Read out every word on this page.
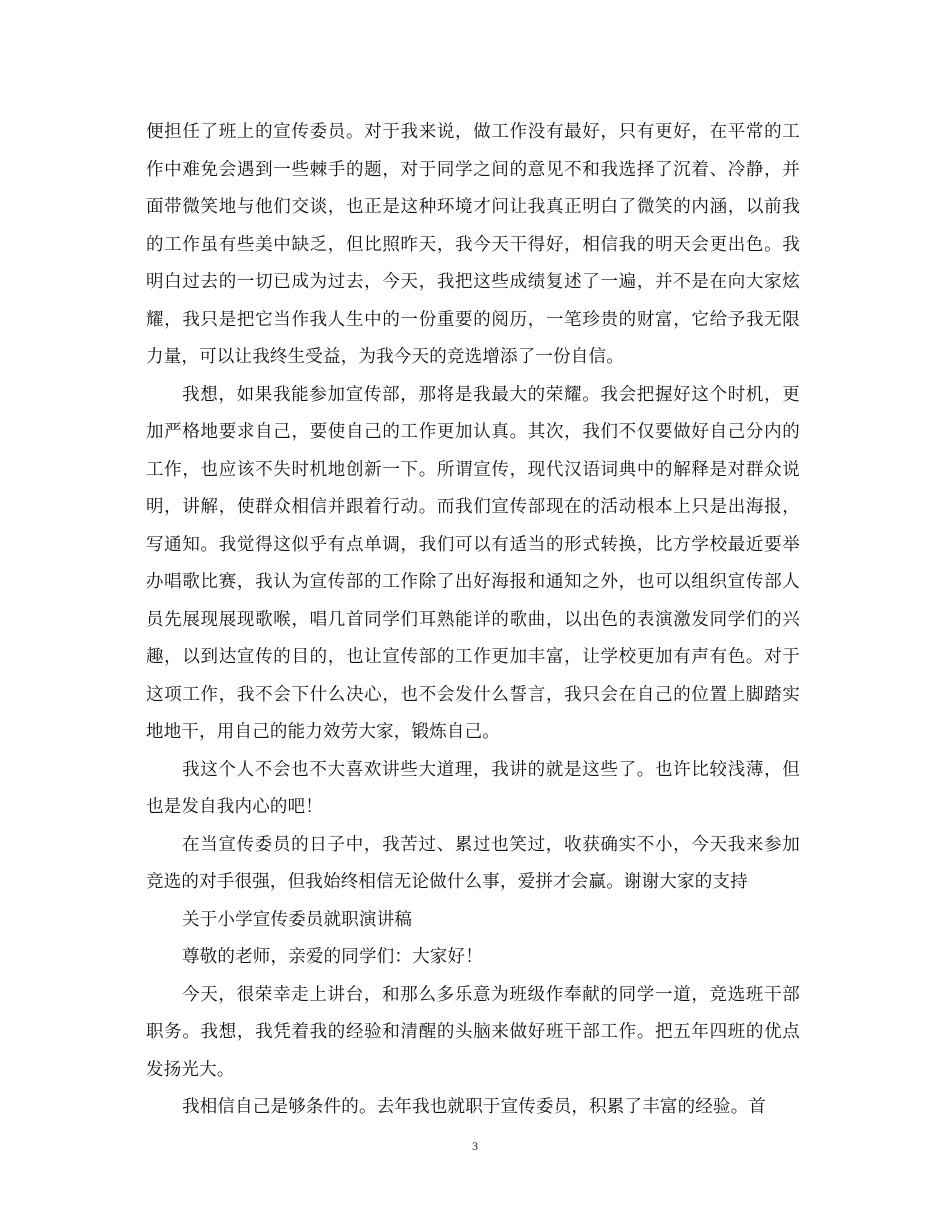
便担任了班上的宣传委员。对于我来说，做工作没有最好，只有更好，在平常的工作中难免会遇到一些棘手的题，对于同学之间的意见不和我选择了沉着、冷静，并面带微笑地与他们交谈，也正是这种环境才问让我真正明白了微笑的内涵，以前我的工作虽有些美中缺乏，但比照昨天，我今天干得好，相信我的明天会更出色。我明白过去的一切已成为过去，今天，我把这些成绩复述了一遍，并不是在向大家炫耀，我只是把它当作我人生中的一份重要的阅历，一笔珍贵的财富，它给予我无限力量，可以让我终生受益，为我今天的竞选增添了一份自信。

我想，如果我能参加宣传部，那将是我最大的荣耀。我会把握好这个时机，更加严格地要求自己，要使自己的工作更加认真。其次，我们不仅要做好自己分内的工作，也应该不失时机地创新一下。所谓宣传，现代汉语词典中的解释是对群众说明，讲解，使群众相信并跟着行动。而我们宣传部现在的活动根本上只是出海报，写通知。我觉得这似乎有点单调，我们可以有适当的形式转换，比方学校最近要举办唱歌比赛，我认为宣传部的工作除了出好海报和通知之外，也可以组织宣传部人员先展现展现歌喉，唱几首同学们耳熟能详的歌曲，以出色的表演激发同学们的兴趣，以到达宣传的目的，也让宣传部的工作更加丰富，让学校更加有声有色。对于这项工作，我不会下什么决心，也不会发什么誓言，我只会在自己的位置上脚踏实地地干，用自己的能力效劳大家，锻炼自己。

我这个人不会也不大喜欢讲些大道理，我讲的就是这些了。也许比较浅薄，但也是发自我内心的吧！

在当宣传委员的日子中，我苦过、累过也笑过，收获确实不小，今天我来参加竞选的对手很强，但我始终相信无论做什么事，爱拼才会赢。谢谢大家的支持

关于小学宣传委员就职演讲稿

尊敬的老师，亲爱的同学们：大家好！

今天，很荣幸走上讲台，和那么多乐意为班级作奉献的同学一道，竞选班干部职务。我想，我凭着我的经验和清醒的头脑来做好班干部工作。把五年四班的优点发扬光大。

我相信自己是够条件的。去年我也就职于宣传委员，积累了丰富的经验。首

3
